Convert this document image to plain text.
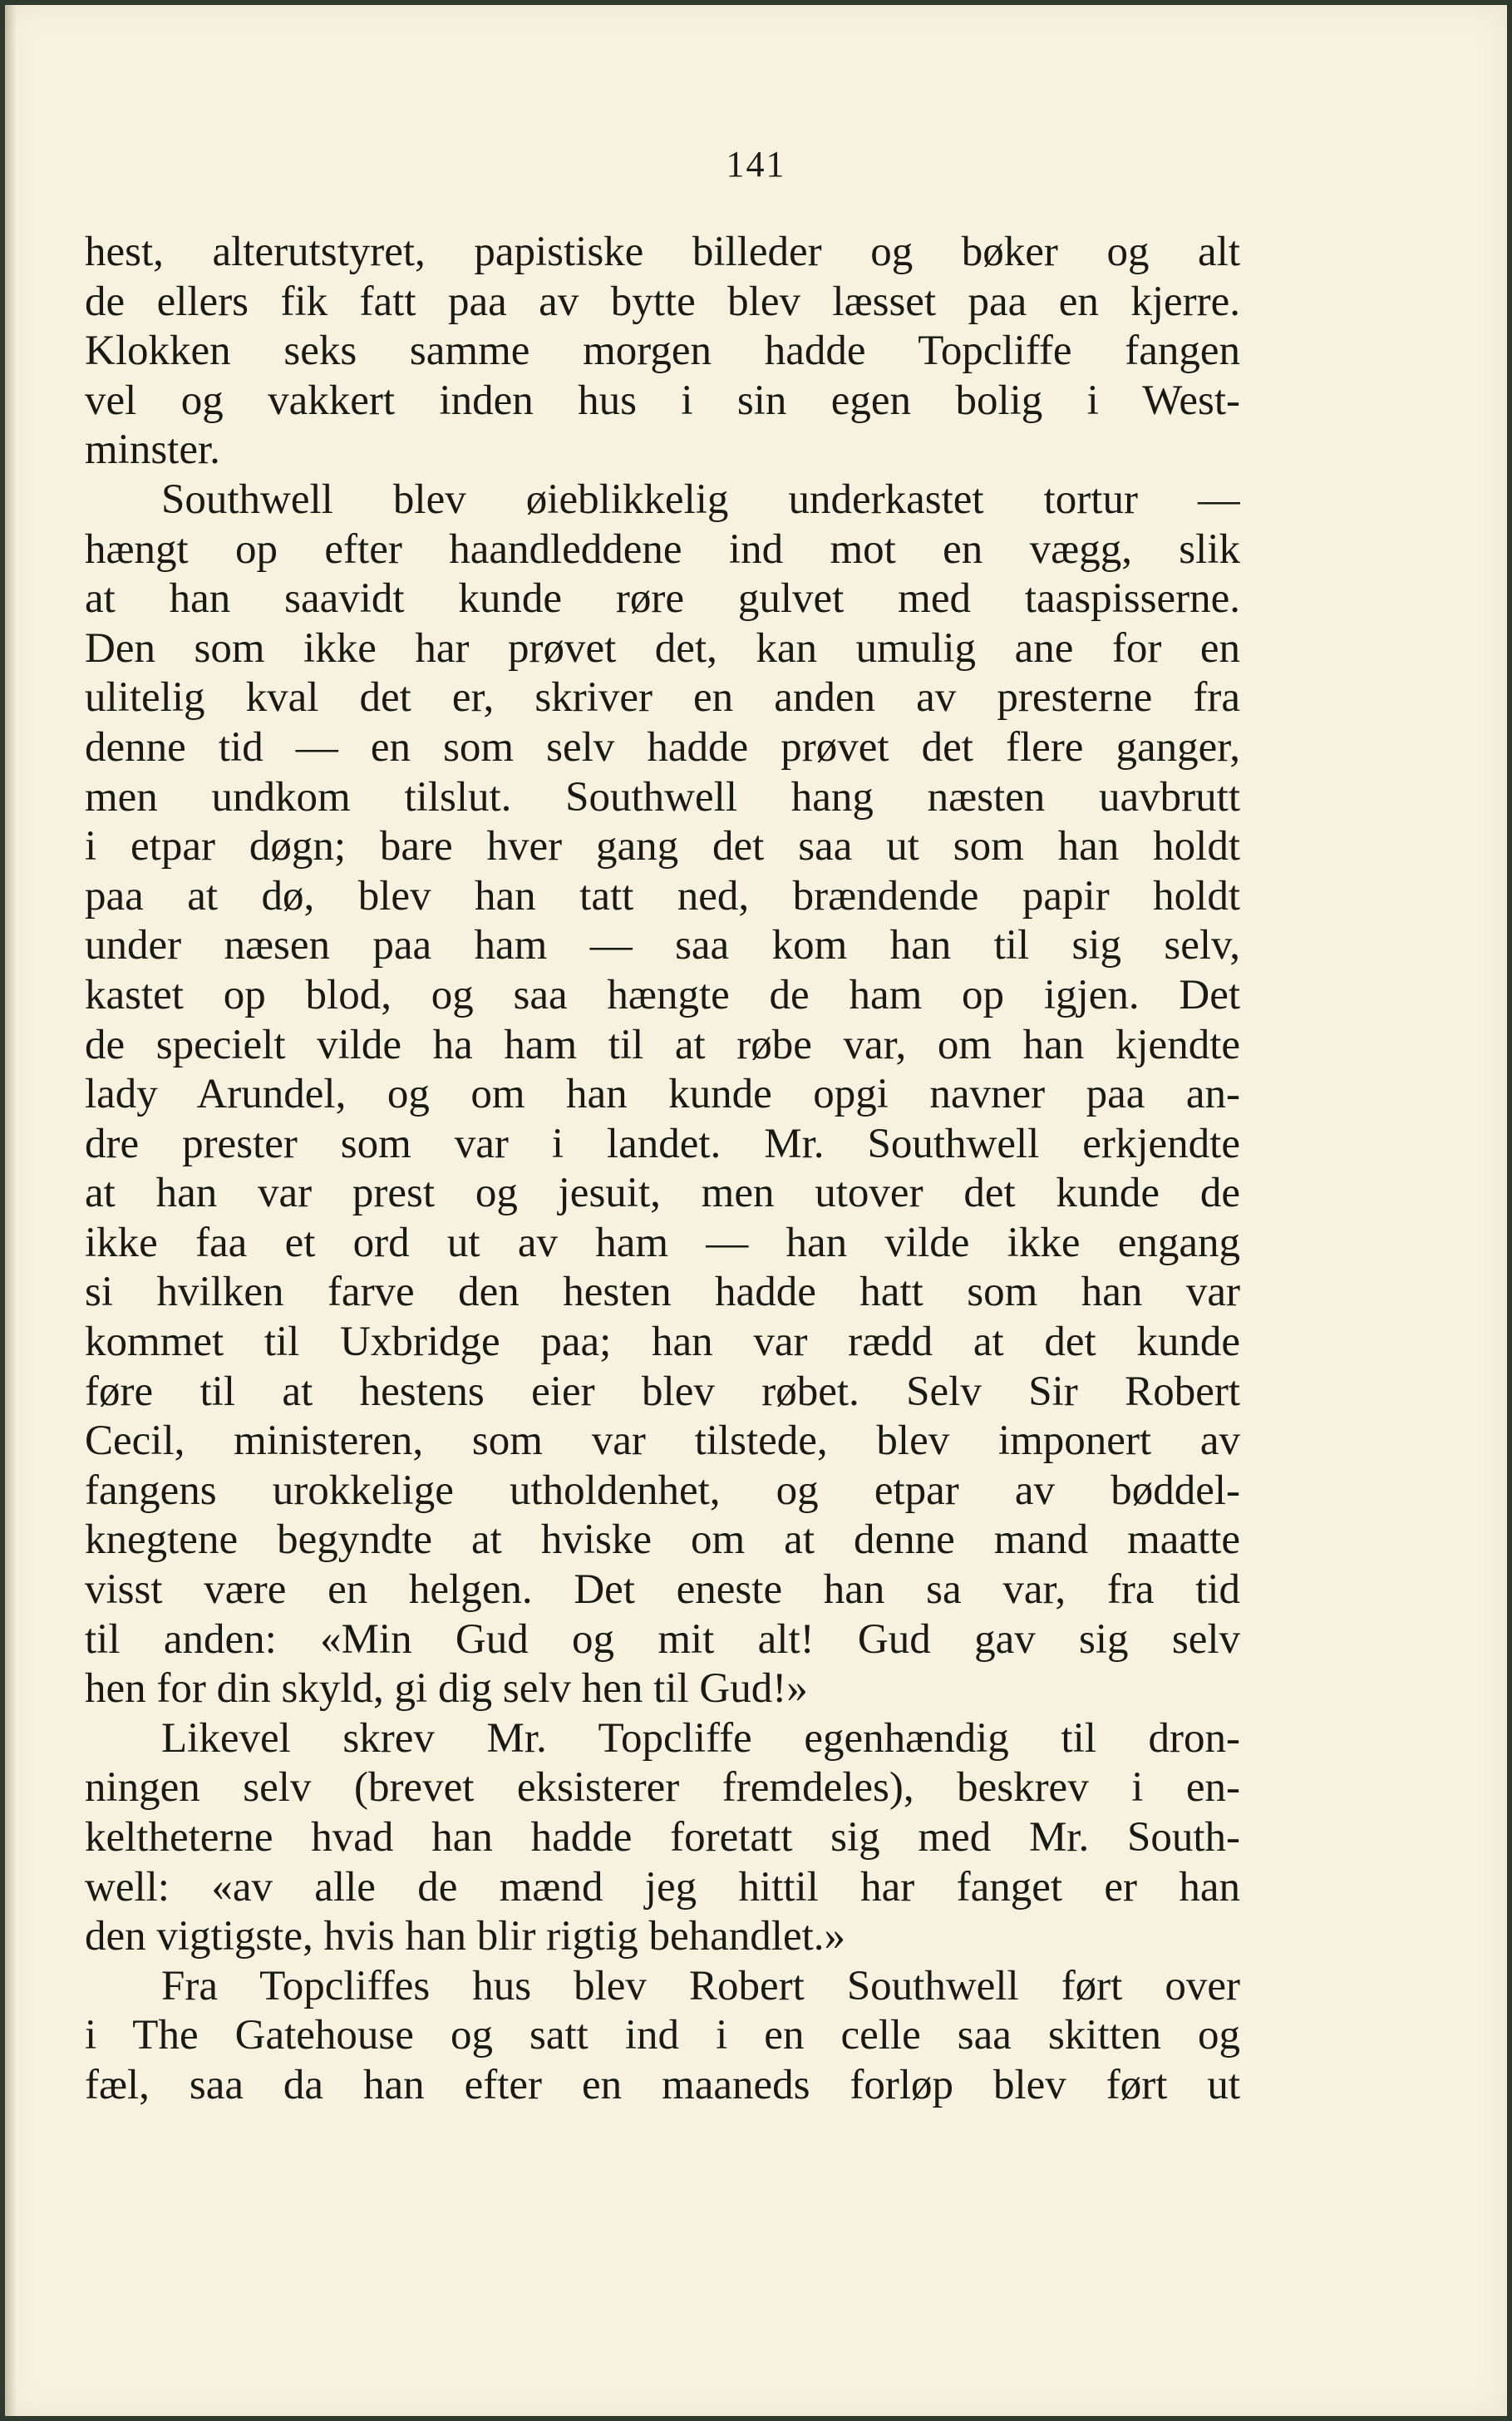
141
hest, alterutstyret, papistiske billeder og bøker og alt
de ellers fik fatt paa av bytte blev læsset paa en kjerre.
Klokken seks samme morgen hadde Topcliffe fangen
vel og vakkert inden hus i sin egen bolig i West-
minster.
Southwell blev øieblikkelig underkastet tortur —
hængt op efter haandleddene ind mot en vægg, slik
at han saavidt kunde røre gulvet med taaspisserne.
Den som ikke har prøvet det, kan umulig ane for en
ulitelig kval det er, skriver en anden av presterne fra
denne tid — en som selv hadde prøvet det flere ganger,
men undkom tilslut. Southwell hang næsten uavbrutt
i etpar døgn; bare hver gang det saa ut som han holdt
paa at dø, blev han tatt ned, brændende papir holdt
under næsen paa ham — saa kom han til sig selv,
kastet op blod, og saa hængte de ham op igjen. Det
de specielt vilde ha ham til at røbe var, om han kjendte
lady Arundel, og om han kunde opgi navner paa an-
dre prester som var i landet. Mr. Southwell erkjendte
at han var prest og jesuit, men utover det kunde de
ikke faa et ord ut av ham — han vilde ikke engang
si hvilken farve den hesten hadde hatt som han var
kommet til Uxbridge paa; han var rædd at det kunde
føre til at hestens eier blev røbet. Selv Sir Robert
Cecil, ministeren, som var tilstede, blev imponert av
fangens urokkelige utholdenhet, og etpar av bøddel-
knegtene begyndte at hviske om at denne mand maatte
visst være en helgen. Det eneste han sa var, fra tid
til anden: «Min Gud og mit alt! Gud gav sig selv
hen for din skyld, gi dig selv hen til Gud!»
Likevel skrev Mr. Topcliffe egenhændig til dron-
ningen selv (brevet eksisterer fremdeles), beskrev i en-
keltheterne hvad han hadde foretatt sig med Mr. South-
well: «av alle de mænd jeg hittil har fanget er han
den vigtigste, hvis han blir rigtig behandlet.»
Fra Topcliffes hus blev Robert Southwell ført over
i The Gatehouse og satt ind i en celle saa skitten og
fæl, saa da han efter en maaneds forløp blev ført ut
